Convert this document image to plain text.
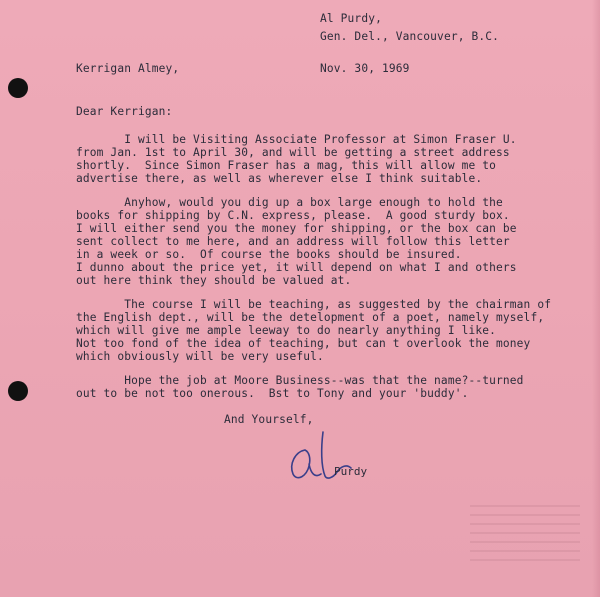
Al Purdy,
Gen. Del., Vancouver, B.C.
Kerrigan Almey,	Nov. 30, 1969
Dear Kerrigan:
I will be Visiting Associate Professor at Simon Fraser U.
from Jan. 1st to April 30, and will be getting a street address
shortly.  Since Simon Fraser has a mag, this will allow me to
advertise there, as well as wherever else I think suitable.
Anyhow, would you dig up a box large enough to hold the
books for shipping by C.N. express, please.  A good sturdy box.
I will either send you the money for shipping, or the box can be
sent collect to me here, and an address will follow this letter
in a week or so.  Of course the books should be insured.
I dunno about the price yet, it will depend on what I and others
out here think they should be valued at.
The course I will be teaching, as suggested by the chairman of
the English dept., will be the detelopment of a poet, namely myself,
which will give me ample leeway to do nearly anything I like.
Not too fond of the idea of teaching, but can t overlook the money
which obviously will be very useful.
Hope the job at Moore Business--was that the name?--turned
out to be not too onerous.  Bst to Tony and your 'buddy'.
And Yourself,
Purdy
